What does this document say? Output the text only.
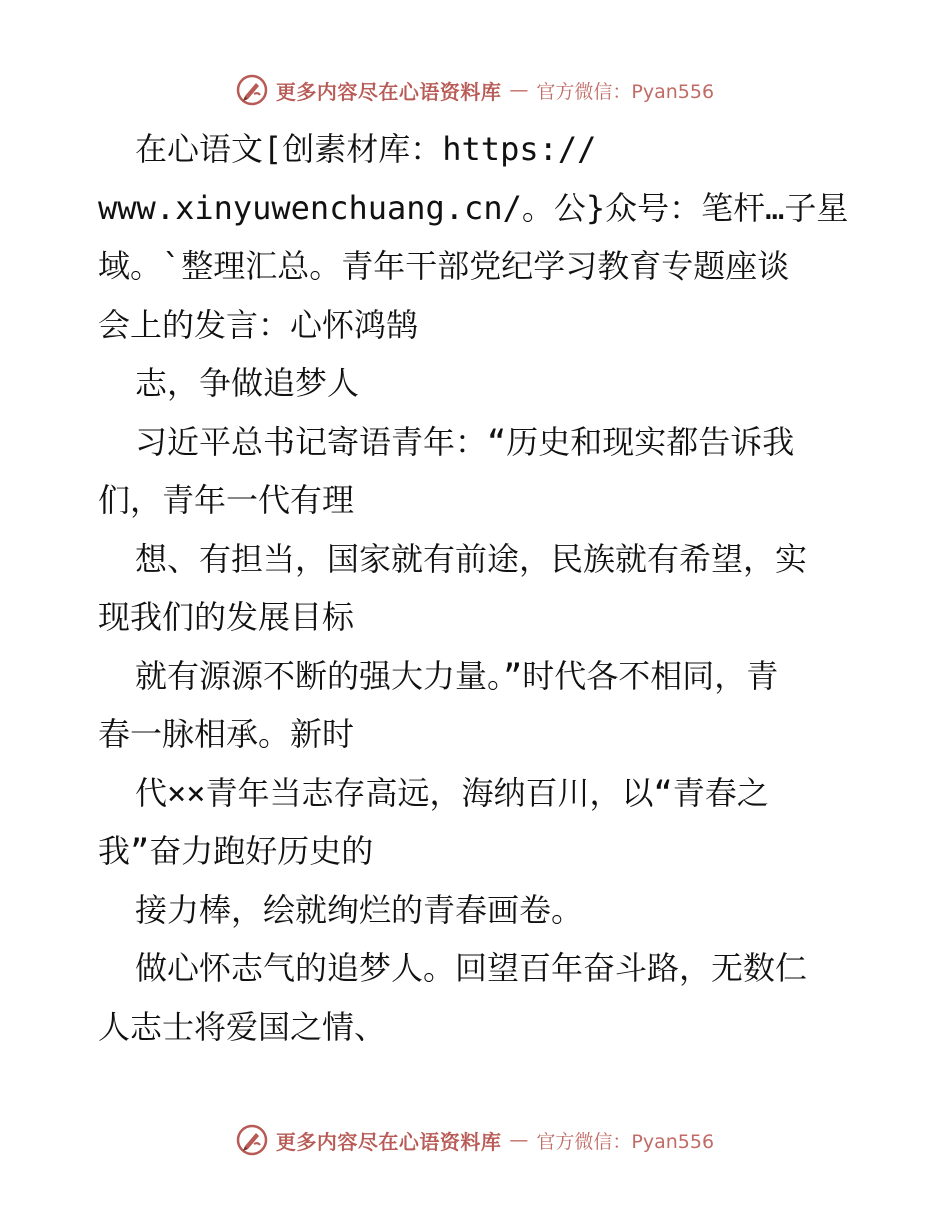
更多内容尽在心语资料库 — 官方微信：Pyan556
在心语文[创素材库：https://
www.xinyuwenchuang.cn/。公}众号：笔杆…子星
域。`整理汇总。青年干部党纪学习教育专题座谈
会上的发言：心怀鸿鹄
志，争做追梦人
习近平总书记寄语青年：“历史和现实都告诉我
们，青年一代有理
想、有担当，国家就有前途，民族就有希望，实
现我们的发展目标
就有源源不断的强大力量。”时代各不相同，青
春一脉相承。新时
代××青年当志存高远，海纳百川，以“青春之
我”奋力跑好历史的
接力棒，绘就绚烂的青春画卷。
做心怀志气的追梦人。回望百年奋斗路，无数仁
人志士将爱国之情、
更多内容尽在心语资料库 — 官方微信：Pyan556
